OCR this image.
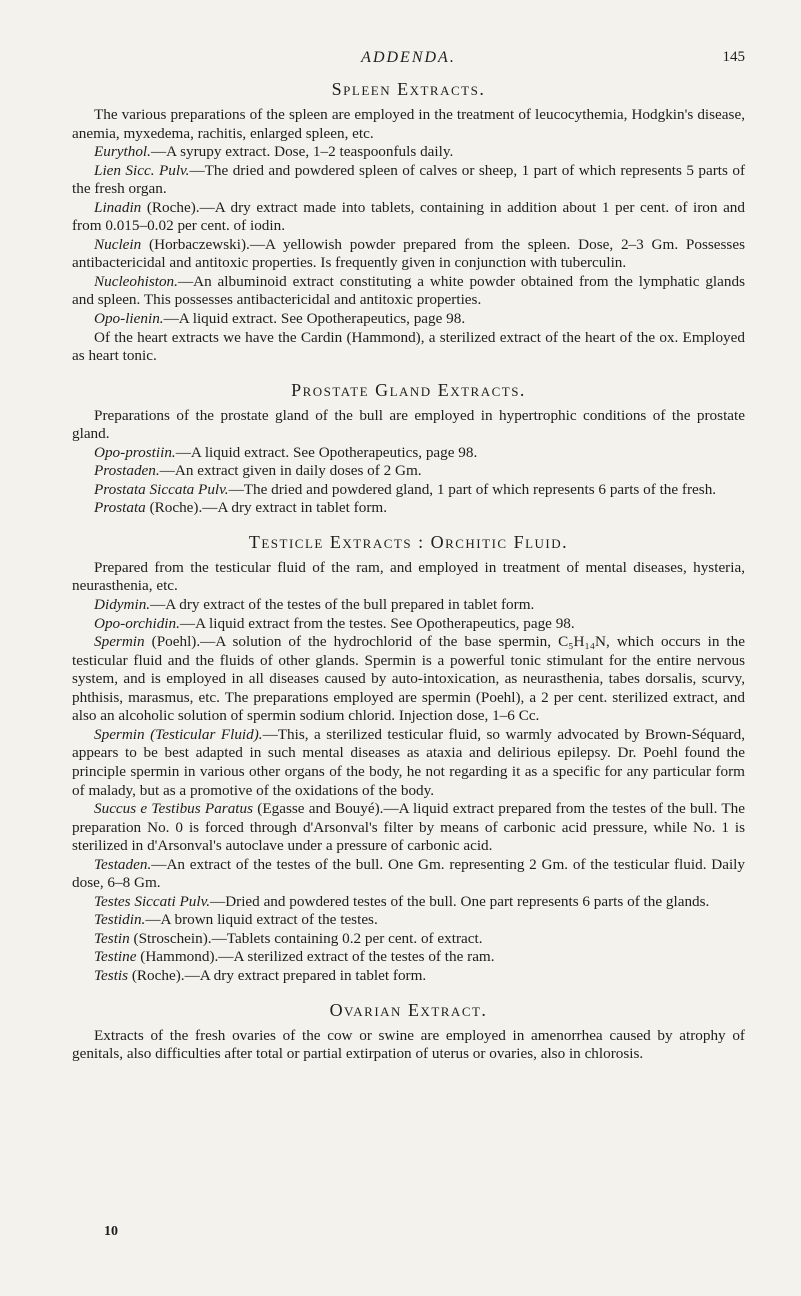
ADDENDA.	145
Spleen Extracts.

The various preparations of the spleen are employed in the treatment of leucocythemia, Hodgkin's disease, anemia, myxedema, rachitis, enlarged spleen, etc.

Eurythol.—A syrupy extract. Dose, 1–2 teaspoonfuls daily.

Lien Sicc. Pulv.—The dried and powdered spleen of calves or sheep, 1 part of which represents 5 parts of the fresh organ.

Linadin (Roche).—A dry extract made into tablets, containing in addition about 1 per cent. of iron and from 0.015–0.02 per cent. of iodin.

Nuclein (Horbaczewski).—A yellowish powder prepared from the spleen. Dose, 2–3 Gm. Possesses antibactericidal and antitoxic properties. Is frequently given in conjunction with tuberculin.

Nucleohiston.—An albuminoid extract constituting a white powder obtained from the lymphatic glands and spleen. This possesses antibactericidal and antitoxic properties.

Opo-lienin.—A liquid extract. See Opotherapeutics, page 98.

Of the heart extracts we have the Cardin (Hammond), a sterilized extract of the heart of the ox. Employed as heart tonic.

Prostate Gland Extracts.

Preparations of the prostate gland of the bull are employed in hypertrophic conditions of the prostate gland.

Opo-prostiin.—A liquid extract. See Opotherapeutics, page 98.

Prostaden.—An extract given in daily doses of 2 Gm.

Prostata Siccata Pulv.—The dried and powdered gland, 1 part of which represents 6 parts of the fresh.

Prostata (Roche).—A dry extract in tablet form.

Testicle Extracts : Orchitic Fluid.

Prepared from the testicular fluid of the ram, and employed in treatment of mental diseases, hysteria, neurasthenia, etc.

Didymin.—A dry extract of the testes of the bull prepared in tablet form.

Opo-orchidin.—A liquid extract from the testes. See Opotherapeutics, page 98.

Spermin (Poehl).—A solution of the hydrochlorid of the base spermin, C₅H₁₄N, which occurs in the testicular fluid and the fluids of other glands. Spermin is a powerful tonic stimulant for the entire nervous system, and is employed in all diseases caused by auto-intoxication, as neurasthenia, tabes dorsalis, scurvy, phthisis, marasmus, etc. The preparations employed are spermin (Poehl), a 2 per cent. sterilized extract, and also an alcoholic solution of spermin sodium chlorid. Injection dose, 1–6 Cc.

Spermin (Testicular Fluid).—This, a sterilized testicular fluid, so warmly advocated by Brown-Séquard, appears to be best adapted in such mental diseases as ataxia and delirious epilepsy. Dr. Poehl found the principle spermin in various other organs of the body, he not regarding it as a specific for any particular form of malady, but as a promotive of the oxidations of the body.

Succus e Testibus Paratus (Egasse and Bouyé).—A liquid extract prepared from the testes of the bull. The preparation No. 0 is forced through d'Arsonval's filter by means of carbonic acid pressure, while No. 1 is sterilized in d'Arsonval's autoclave under a pressure of carbonic acid.

Testaden.—An extract of the testes of the bull. One Gm. representing 2 Gm. of the testicular fluid. Daily dose, 6–8 Gm.

Testes Siccati Pulv.—Dried and powdered testes of the bull. One part represents 6 parts of the glands.

Testidin.—A brown liquid extract of the testes.

Testin (Stroschein).—Tablets containing 0.2 per cent. of extract.

Testine (Hammond).—A sterilized extract of the testes of the ram.

Testis (Roche).—A dry extract prepared in tablet form.

Ovarian Extract.

Extracts of the fresh ovaries of the cow or swine are employed in amenorrhea caused by atrophy of genitals, also difficulties after total or partial extirpation of uterus or ovaries, also in chlorosis.

10
